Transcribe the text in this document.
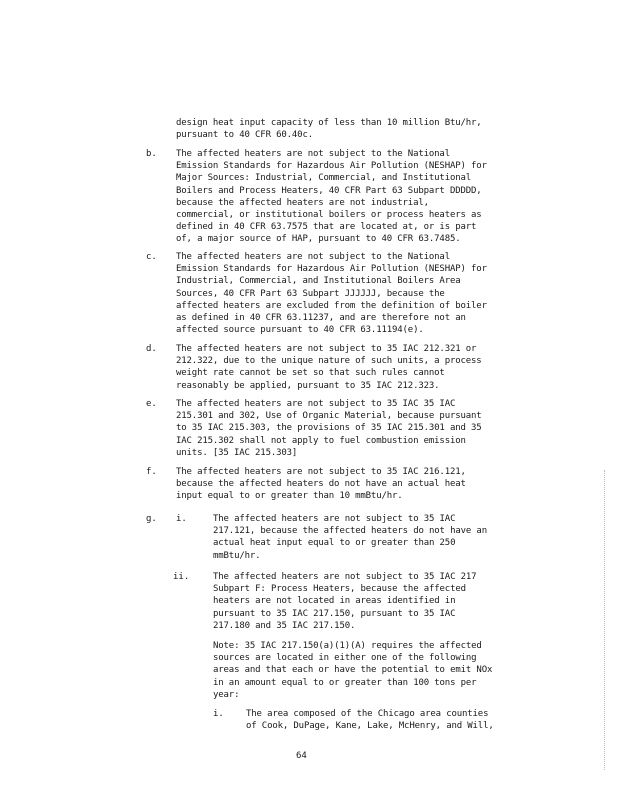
design heat input capacity of less than 10 million Btu/hr,
pursuant to 40 CFR 60.40c.
b. The affected heaters are not subject to the National
Emission Standards for Hazardous Air Pollution (NESHAP) for
Major Sources: Industrial, Commercial, and Institutional
Boilers and Process Heaters, 40 CFR Part 63 Subpart DDDDD,
because the affected heaters are not industrial,
commercial, or institutional boilers or process heaters as
defined in 40 CFR 63.7575 that are located at, or is part
of, a major source of HAP, pursuant to 40 CFR 63.7485.
c. The affected heaters are not subject to the National
Emission Standards for Hazardous Air Pollution (NESHAP) for
Industrial, Commercial, and Institutional Boilers Area
Sources, 40 CFR Part 63 Subpart JJJJJJ, because the
affected heaters are excluded from the definition of boiler
as defined in 40 CFR 63.11237, and are therefore not an
affected source pursuant to 40 CFR 63.11194(e).
d. The affected heaters are not subject to 35 IAC 212.321 or
212.322, due to the unique nature of such units, a process
weight rate cannot be set so that such rules cannot
reasonably be applied, pursuant to 35 IAC 212.323.
e. The affected heaters are not subject to 35 IAC 35 IAC
215.301 and 302, Use of Organic Material, because pursuant
to 35 IAC 215.303, the provisions of 35 IAC 215.301 and 35
IAC 215.302 shall not apply to fuel combustion emission
units. [35 IAC 215.303]
f. The affected heaters are not subject to 35 IAC 216.121,
because the affected heaters do not have an actual heat
input equal to or greater than 10 mmBtu/hr.
g. i.	The affected heaters are not subject to 35 IAC
217.121, because the affected heaters do not have an
actual heat input equal to or greater than 250
mmBtu/hr.
ii.	The affected heaters are not subject to 35 IAC 217
Subpart F: Process Heaters, because the affected
heaters are not located in areas identified in
pursuant to 35 IAC 217.150, pursuant to 35 IAC
217.180 and 35 IAC 217.150.
Note: 35 IAC 217.150(a)(1)(A) requires the affected
sources are located in either one of the following
areas and that each or have the potential to emit NOx
in an amount equal to or greater than 100 tons per
year:
i. The area composed of the Chicago area counties
of Cook, DuPage, Kane, Lake, McHenry, and Will,
64
